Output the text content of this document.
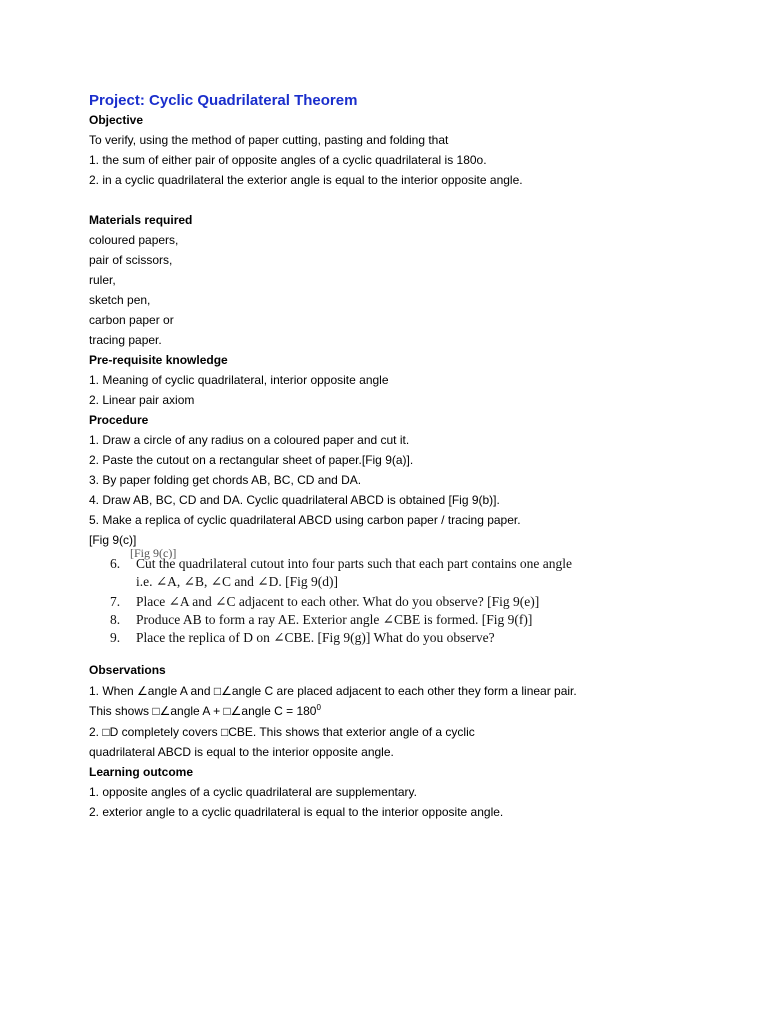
Project: Cyclic Quadrilateral Theorem
Objective
To verify, using the method of paper cutting, pasting and folding that
1. the sum of either pair of opposite angles of a cyclic quadrilateral is 180o.
2. in a cyclic quadrilateral the exterior angle is equal to the interior opposite angle.
Materials required
coloured papers,
pair of scissors,
ruler,
sketch pen,
carbon paper or
tracing paper.
Pre-requisite knowledge
1. Meaning of cyclic quadrilateral, interior opposite angle
2. Linear pair axiom
Procedure
1. Draw a circle of any radius on a coloured paper and cut it.
2. Paste the cutout on a rectangular sheet of paper.[Fig 9(a)].
3. By paper folding get chords AB, BC, CD and DA.
4. Draw AB, BC, CD and DA. Cyclic quadrilateral ABCD is obtained [Fig 9(b)].
5. Make a replica of cyclic quadrilateral ABCD using carbon paper / tracing paper.
[Fig 9(c)]
[Fig 9(c)]
6. Cut the quadrilateral cutout into four parts such that each part contains one angle
i.e. ∠A, ∠B, ∠C and ∠D. [Fig 9(d)]
7. Place ∠A and ∠C adjacent to each other. What do you observe? [Fig 9(e)]
8. Produce AB to form a ray AE. Exterior angle ∠CBE is formed. [Fig 9(f)]
9. Place the replica of D on ∠CBE. [Fig 9(g)] What do you observe?
Observations
1. When ∠angle A and □∠angle C are placed adjacent to each other they form a linear pair.
This shows □∠angle A + □∠angle $C = 180^0$
2. □D completely covers □CBE. This shows that exterior angle of a cyclic
quadrilateral ABCD is equal to the interior opposite angle.
Learning outcome
1. opposite angles of a cyclic quadrilateral are supplementary.
2. exterior angle to a cyclic quadrilateral is equal to the interior opposite angle.
